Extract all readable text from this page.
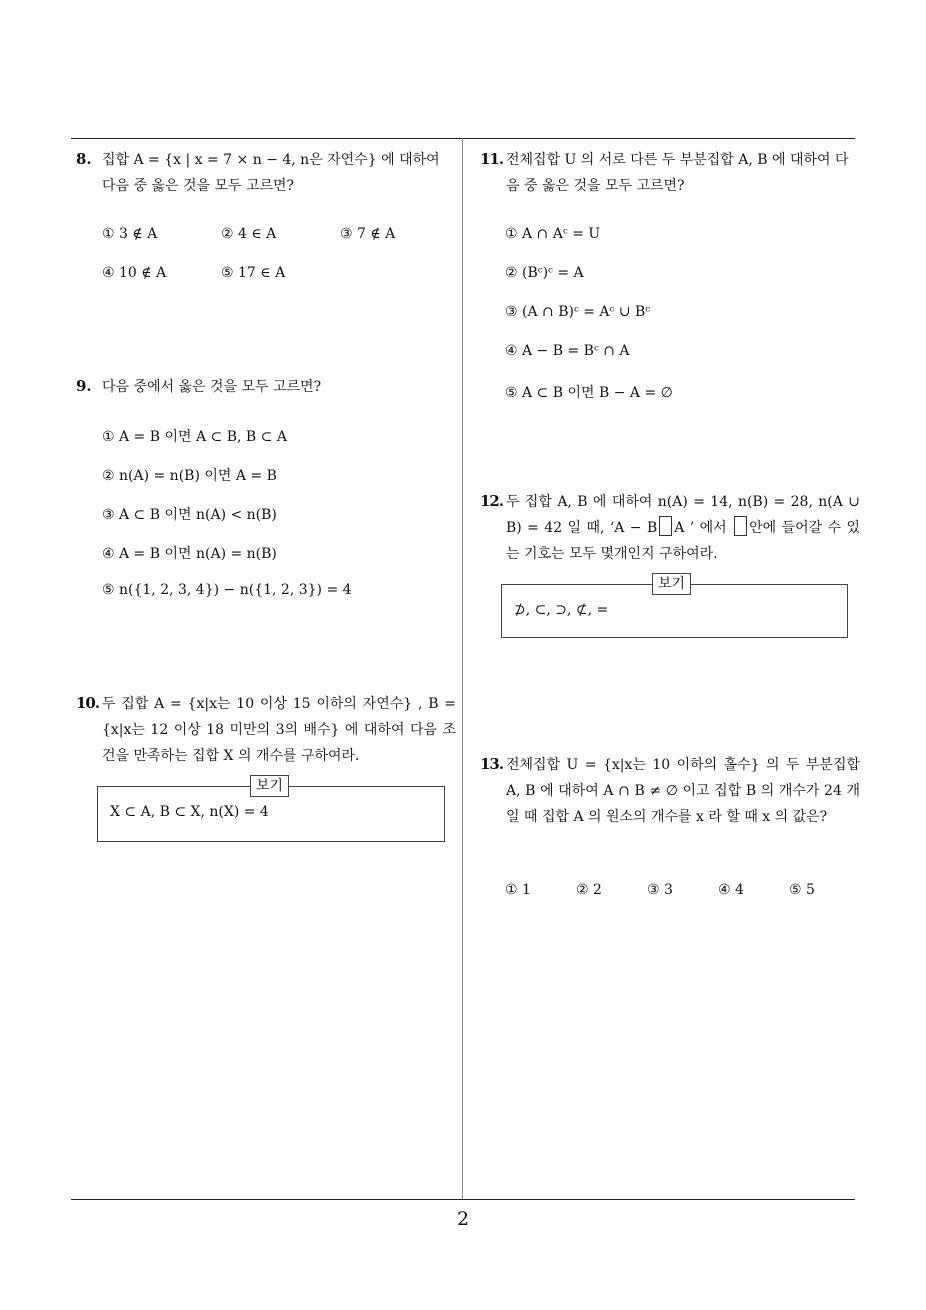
8. 집합 A = {x | x = 7 × n − 4, n은 자연수} 에 대하여 다음 중 옳은 것을 모두 고르면?

① 3 ∉ A	② 4 ∈ A	③ 7 ∉ A
④ 10 ∉ A	⑤ 17 ∈ A

9. 다음 중에서 옳은 것을 모두 고르면?

① A = B 이면 A ⊂ B, B ⊂ A
② n(A) = n(B) 이면 A = B
③ A ⊂ B 이면 n(A) < n(B)
④ A = B 이면 n(A) = n(B)
⑤ n({1, 2, 3, 4}) − n({1, 2, 3}) = 4

10. 두 집합 A = {x|x는 10 이상 15 이하의 자연수} , B = {x|x는 12 이상 18 미만의 3의 배수} 에 대하여 다음 조건을 만족하는 집합 X 의 개수를 구하여라.

보기
X ⊂ A, B ⊂ X, n(X) = 4

11. 전체집합 U 의 서로 다른 두 부분집합 A, B 에 대하여 다음 중 옳은 것을 모두 고르면?

① A ∩ Aᶜ = U
② (Bᶜ)ᶜ = A
③ (A ∩ B)ᶜ = Aᶜ ∪ Bᶜ
④ A − B = Bᶜ ∩ A
⑤ A ⊂ B 이면 B − A = ∅

12. 두 집합 A, B 에 대하여 n(A) = 14, n(B) = 28, n(A ∪ B) = 42 일 때, ‘A − B A ’ 에서 안에 들어갈 수 있는 기호는 모두 몇개인지 구하여라.

보기
⊅, ⊂, ⊃, ⊄, =

13. 전체집합 U = {x|x는 10 이하의 홀수} 의 두 부분집합 A, B 에 대하여 A ∩ B ≠ ∅ 이고 집합 B 의 개수가 24 개 일 때 집합 A 의 원소의 개수를 x 라 할 때 x 의 값은?

① 1	② 2	③ 3	④ 4	⑤ 5
2
